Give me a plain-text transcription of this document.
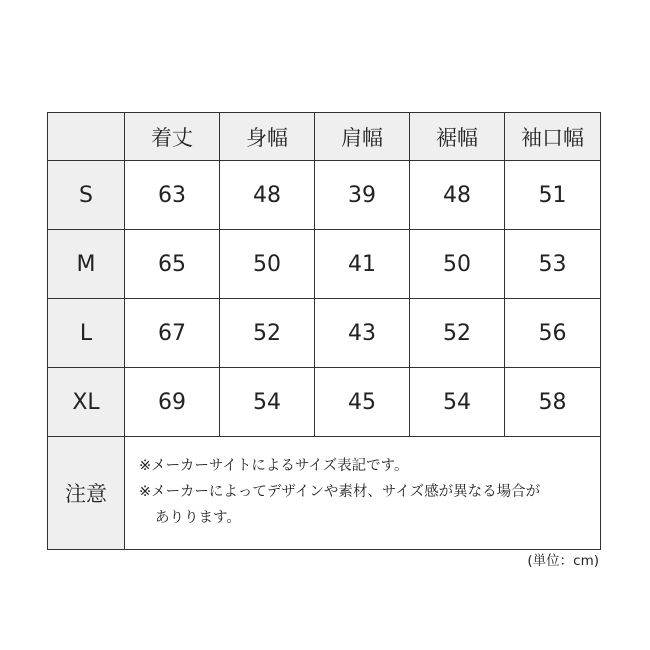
	着丈	身幅	肩幅	裾幅	袖口幅
S	63	48	39	48	51
M	65	50	41	50	53
L	67	52	43	52	56
XL	69	54	45	54	58
注意	※メーカーサイトによるサイズ表記です。
※メーカーによってデザインや素材、サイズ感が異なる場合が
ありります。				
(単位：cm)
